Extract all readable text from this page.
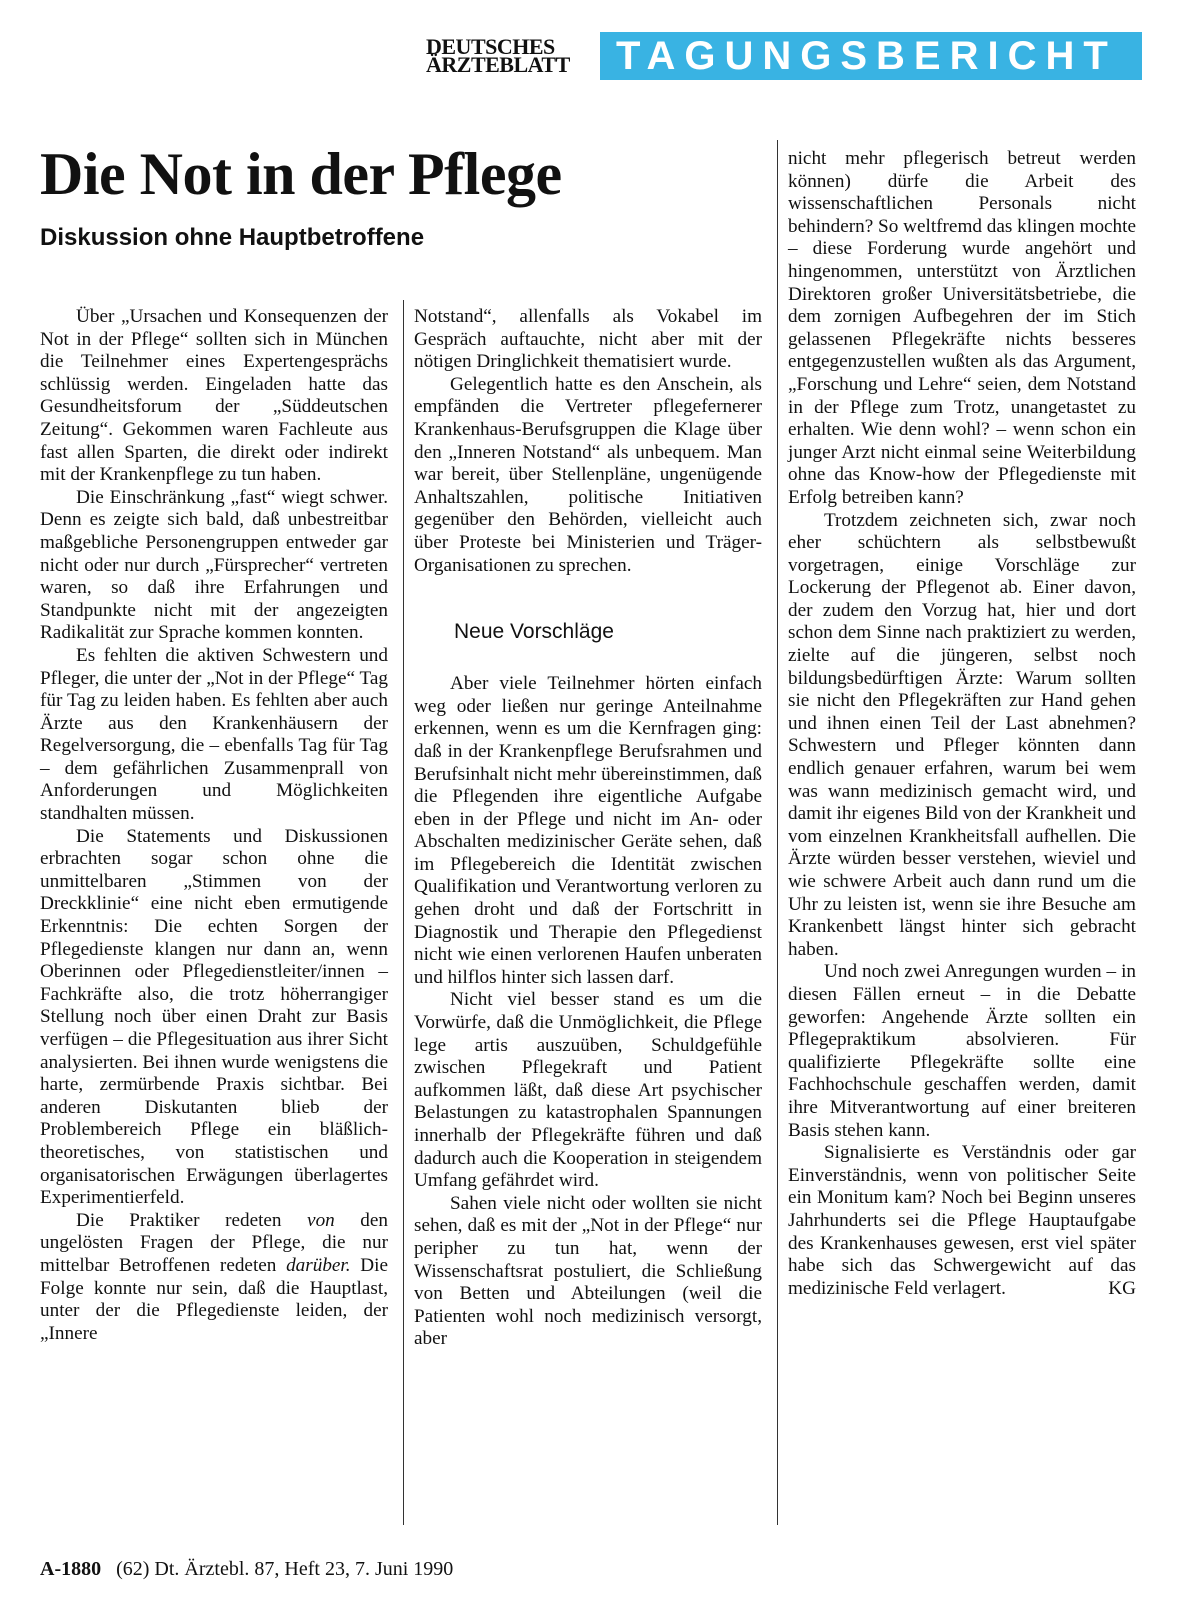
DEUTSCHES
ÄRZTEBLATT	TAGUNGSBERICHT
Die Not in der Pflege
Diskussion ohne Hauptbetroffene

Über „Ursachen und Konsequenzen der Not in der Pflege“ sollten sich in München die Teilnehmer eines Expertengesprächs schlüssig werden. Eingeladen hatte das Gesundheitsforum der „Süddeutschen Zeitung“. Gekommen waren Fachleute aus fast allen Sparten, die direkt oder indirekt mit der Krankenpflege zu tun haben.

Die Einschränkung „fast“ wiegt schwer. Denn es zeigte sich bald, daß unbestreitbar maßgebliche Personengruppen entweder gar nicht oder nur durch „Fürsprecher“ vertreten waren, so daß ihre Erfahrungen und Standpunkte nicht mit der angezeigten Radikalität zur Sprache kommen konnten.

Es fehlten die aktiven Schwestern und Pfleger, die unter der „Not in der Pflege“ Tag für Tag zu leiden haben. Es fehlten aber auch Ärzte aus den Krankenhäusern der Regelversorgung, die – ebenfalls Tag für Tag – dem gefährlichen Zusammenprall von Anforderungen und Möglichkeiten standhalten müssen.

Die Statements und Diskussionen erbrachten sogar schon ohne die unmittelbaren „Stimmen von der Dreckklinie“ eine nicht eben ermutigende Erkenntnis: Die echten Sorgen der Pflegedienste klangen nur dann an, wenn Oberinnen oder Pflegedienstleiter/innen – Fachkräfte also, die trotz höherrangiger Stellung noch über einen Draht zur Basis verfügen – die Pflegesituation aus ihrer Sicht analysierten. Bei ihnen wurde wenigstens die harte, zermürbende Praxis sichtbar. Bei anderen Diskutanten blieb der Problembereich Pflege ein bläßlich-theoretisches, von statistischen und organisatorischen Erwägungen überlagertes Experimentierfeld.

Die Praktiker redeten von den ungelösten Fragen der Pflege, die nur mittelbar Betroffenen redeten darüber. Die Folge konnte nur sein, daß die Hauptlast, unter der die Pflegedienste leiden, der „Innere

Notstand“, allenfalls als Vokabel im Gespräch auftauchte, nicht aber mit der nötigen Dringlichkeit thematisiert wurde.

Gelegentlich hatte es den Anschein, als empfänden die Vertreter pflegefernerer Krankenhaus-Berufsgruppen die Klage über den „Inneren Notstand“ als unbequem. Man war bereit, über Stellenpläne, ungenügende Anhaltszahlen, politische Initiativen gegenüber den Behörden, vielleicht auch über Proteste bei Ministerien und Träger-Organisationen zu sprechen.

Neue Vorschläge

Aber viele Teilnehmer hörten einfach weg oder ließen nur geringe Anteilnahme erkennen, wenn es um die Kernfragen ging: daß in der Krankenpflege Berufsrahmen und Berufsinhalt nicht mehr übereinstimmen, daß die Pflegenden ihre eigentliche Aufgabe eben in der Pflege und nicht im An- oder Abschalten medizinischer Geräte sehen, daß im Pflegebereich die Identität zwischen Qualifikation und Verantwortung verloren zu gehen droht und daß der Fortschritt in Diagnostik und Therapie den Pflegedienst nicht wie einen verlorenen Haufen unberaten und hilflos hinter sich lassen darf.

Nicht viel besser stand es um die Vorwürfe, daß die Unmöglichkeit, die Pflege lege artis auszuüben, Schuldgefühle zwischen Pflegekraft und Patient aufkommen läßt, daß diese Art psychischer Belastungen zu katastrophalen Spannungen innerhalb der Pflegekräfte führen und daß dadurch auch die Kooperation in steigendem Umfang gefährdet wird.

Sahen viele nicht oder wollten sie nicht sehen, daß es mit der „Not in der Pflege“ nur peripher zu tun hat, wenn der Wissenschaftsrat postuliert, die Schließung von Betten und Abteilungen (weil die Patienten wohl noch medizinisch versorgt, aber

nicht mehr pflegerisch betreut werden können) dürfe die Arbeit des wissenschaftlichen Personals nicht behindern? So weltfremd das klingen mochte – diese Forderung wurde angehört und hingenommen, unterstützt von Ärztlichen Direktoren großer Universitätsbetriebe, die dem zornigen Aufbegehren der im Stich gelassenen Pflegekräfte nichts besseres entgegenzustellen wußten als das Argument, „Forschung und Lehre“ seien, dem Notstand in der Pflege zum Trotz, unangetastet zu erhalten. Wie denn wohl? – wenn schon ein junger Arzt nicht einmal seine Weiterbildung ohne das Know-how der Pflegedienste mit Erfolg betreiben kann?

Trotzdem zeichneten sich, zwar noch eher schüchtern als selbstbewußt vorgetragen, einige Vorschläge zur Lockerung der Pflegenot ab. Einer davon, der zudem den Vorzug hat, hier und dort schon dem Sinne nach praktiziert zu werden, zielte auf die jüngeren, selbst noch bildungsbedürftigen Ärzte: Warum sollten sie nicht den Pflegekräften zur Hand gehen und ihnen einen Teil der Last abnehmen? Schwestern und Pfleger könnten dann endlich genauer erfahren, warum bei wem was wann medizinisch gemacht wird, und damit ihr eigenes Bild von der Krankheit und vom einzelnen Krankheitsfall aufhellen. Die Ärzte würden besser verstehen, wieviel und wie schwere Arbeit auch dann rund um die Uhr zu leisten ist, wenn sie ihre Besuche am Krankenbett längst hinter sich gebracht haben.

Und noch zwei Anregungen wurden – in diesen Fällen erneut – in die Debatte geworfen: Angehende Ärzte sollten ein Pflegepraktikum absolvieren. Für qualifizierte Pflegekräfte sollte eine Fachhochschule geschaffen werden, damit ihre Mitverantwortung auf einer breiteren Basis stehen kann.

Signalisierte es Verständnis oder gar Einverständnis, wenn von politischer Seite ein Monitum kam? Noch bei Beginn unseres Jahrhunderts sei die Pflege Hauptaufgabe des Krankenhauses gewesen, erst viel später habe sich das Schwergewicht auf das medizinische Feld verlagert.	KG

A-1880 (62) Dt. Ärztebl. 87, Heft 23, 7. Juni 1990
